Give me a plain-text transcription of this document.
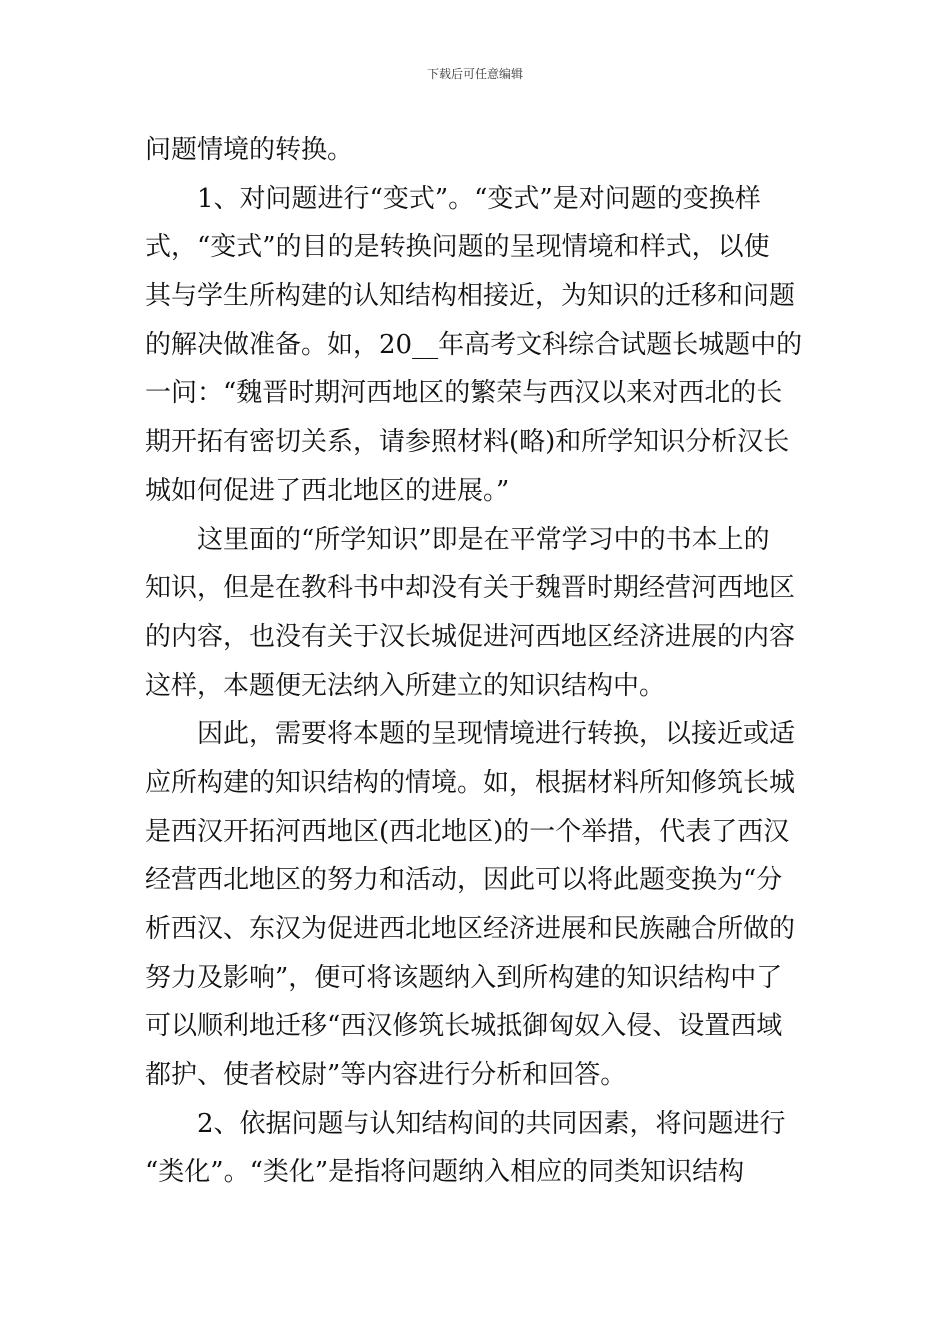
下载后可任意编辑
问题情境的转换。
1、对问题进行“变式”。“变式”是对问题的变换样
式，“变式”的目的是转换问题的呈现情境和样式，以使
其与学生所构建的认知结构相接近，为知识的迁移和问题
的解决做准备。如，20__年高考文科综合试题长城题中的
一问：“魏晋时期河西地区的繁荣与西汉以来对西北的长
期开拓有密切关系，请参照材料(略)和所学知识分析汉长
城如何促进了西北地区的进展。”
这里面的“所学知识”即是在平常学习中的书本上的
知识，但是在教科书中却没有关于魏晋时期经营河西地区
的内容，也没有关于汉长城促进河西地区经济进展的内容
这样，本题便无法纳入所建立的知识结构中。
因此，需要将本题的呈现情境进行转换，以接近或适
应所构建的知识结构的情境。如，根据材料所知修筑长城
是西汉开拓河西地区(西北地区)的一个举措，代表了西汉
经营西北地区的努力和活动，因此可以将此题变换为“分
析西汉、东汉为促进西北地区经济进展和民族融合所做的
努力及影响”，便可将该题纳入到所构建的知识结构中了
可以顺利地迁移“西汉修筑长城抵御匈奴入侵、设置西域
都护、使者校尉”等内容进行分析和回答。
2、依据问题与认知结构间的共同因素，将问题进行
“类化”。“类化”是指将问题纳入相应的同类知识结构
